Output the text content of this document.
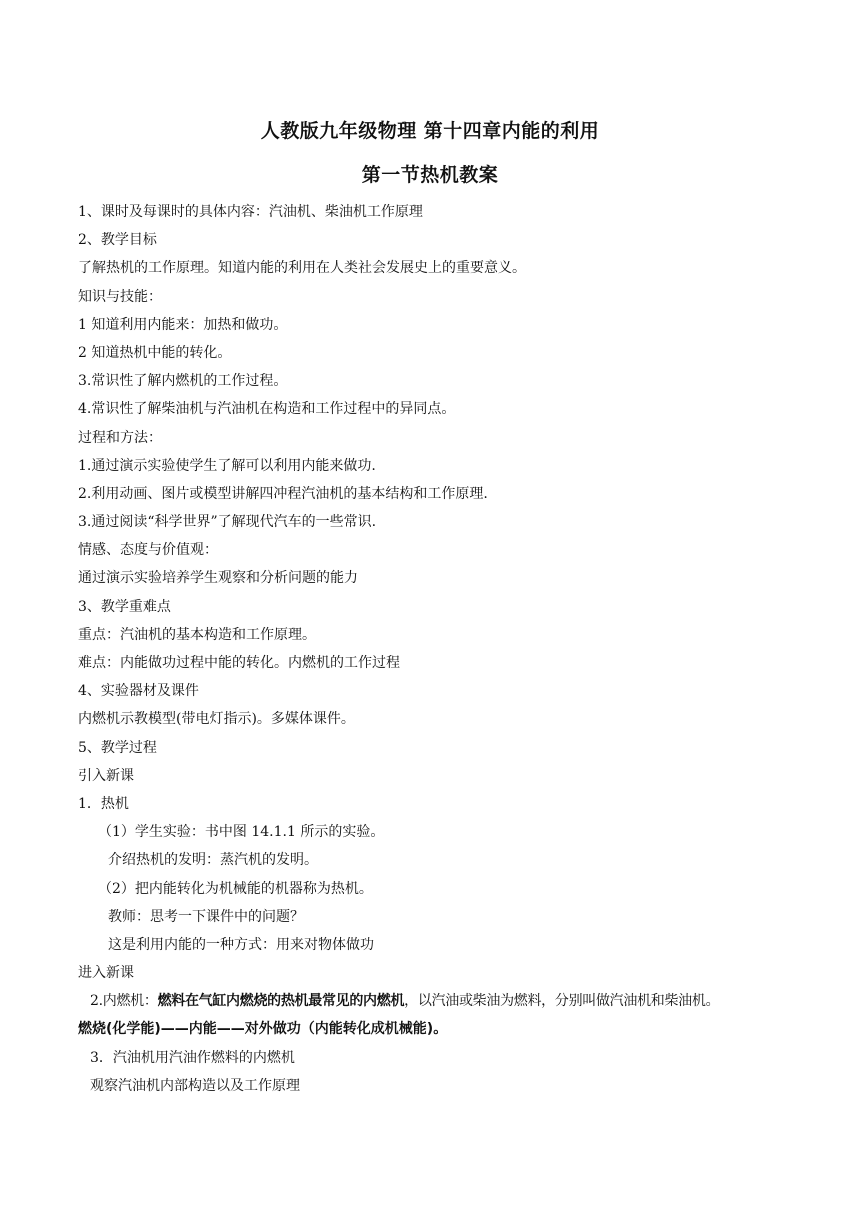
人教版九年级物理 第十四章内能的利用
第一节热机教案

1、课时及每课时的具体内容：汽油机、柴油机工作原理

2、教学目标

了解热机的工作原理。知道内能的利用在人类社会发展史上的重要意义。

知识与技能：

1 知道利用内能来：加热和做功。

2 知道热机中能的转化。

3.常识性了解内燃机的工作过程。

4.常识性了解柴油机与汽油机在构造和工作过程中的异同点。

过程和方法：

1.通过演示实验使学生了解可以利用内能来做功.

2.利用动画、图片或模型讲解四冲程汽油机的基本结构和工作原理.

3.通过阅读“科学世界”了解现代汽车的一些常识.

情感、态度与价值观：

通过演示实验培养学生观察和分析问题的能力

3、教学重难点

重点：汽油机的基本构造和工作原理。

难点：内能做功过程中能的转化。内燃机的工作过程

4、实验器材及课件

内燃机示教模型(带电灯指示)。多媒体课件。

5、教学过程

引入新课

1．热机

（1）学生实验：书中图 14.1.1 所示的实验。

介绍热机的发明：蒸汽机的发明。

（2）把内能转化为机械能的机器称为热机。

教师：思考一下课件中的问题？

这是利用内能的一种方式：用来对物体做功

进入新课

2.内燃机：燃料在气缸内燃烧的热机最常见的内燃机，以汽油或柴油为燃料，分别叫做汽油机和柴油机。

燃烧(化学能)——内能——对外做功（内能转化成机械能)。

3．汽油机用汽油作燃料的内燃机

观察汽油机内部构造以及工作原理
